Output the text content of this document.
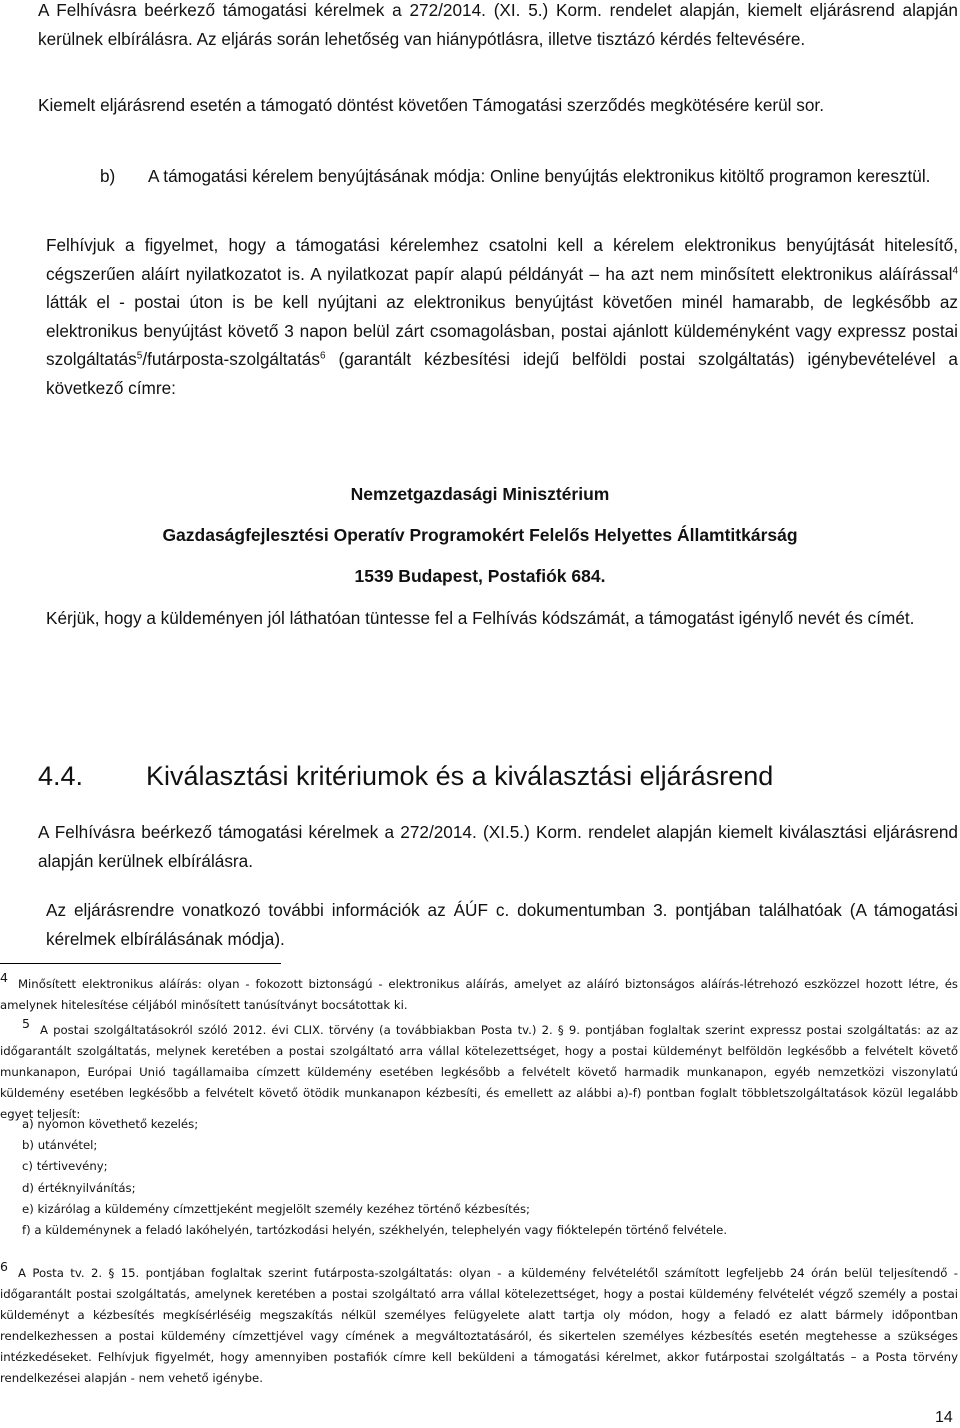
A Felhívásra beérkező támogatási kérelmek a 272/2014. (XI. 5.) Korm. rendelet alapján, kiemelt eljárásrend alapján kerülnek elbírálásra. Az eljárás során lehetőség van hiánypótlásra, illetve tisztázó kérdés feltevésére.

Kiemelt eljárásrend esetén a támogató döntést követően Támogatási szerződés megkötésére kerül sor.

b) A támogatási kérelem benyújtásának módja: Online benyújtás elektronikus kitöltő programon keresztül.

Felhívjuk a figyelmet, hogy a támogatási kérelemhez csatolni kell a kérelem elektronikus benyújtását hitelesítő, cégszerűen aláírt nyilatkozatot is. A nyilatkozat papír alapú példányát – ha azt nem minősített elektronikus aláírással$^4$ látták el - postai úton is be kell nyújtani az elektronikus benyújtást követően minél hamarabb, de legkésőbb az elektronikus benyújtást követő 3 napon belül zárt csomagolásban, postai ajánlott küldeményként vagy expressz postai szolgáltatás$^5$/futárposta-szolgáltatás$^6$ (garantált kézbesítési idejű belföldi postai szolgáltatás) igénybevételével a következő címre:

Nemzetgazdasági Minisztérium
Gazdaságfejlesztési Operatív Programokért Felelős Helyettes Államtitkárság
1539 Budapest, Postafiók 684.

Kérjük, hogy a küldeményen jól láthatóan tüntesse fel a Felhívás kódszámát, a támogatást igénylő nevét és címét.

4.4. Kiválasztási kritériumok és a kiválasztási eljárásrend

A Felhívásra beérkező támogatási kérelmek a 272/2014. (XI.5.) Korm. rendelet alapján kiemelt kiválasztási eljárásrend alapján kerülnek elbírálásra.

Az eljárásrendre vonatkozó további információk az ÁÚF c. dokumentumban 3. pontjában találhatóak (A támogatási kérelmek elbírálásának módja).

4 Minősített elektronikus aláírás: olyan - fokozott biztonságú - elektronikus aláírás, amelyet az aláíró biztonságos aláírás-létrehozó eszközzel hozott létre, és amelynek hitelesítése céljából minősített tanúsítványt bocsátottak ki.
5 A postai szolgáltatásokról szóló 2012. évi CLIX. törvény (a továbbiakban Posta tv.) 2. § 9. pontjában foglaltak szerint expressz postai szolgáltatás: az az időgarantált szolgáltatás, melynek keretében a postai szolgáltató arra vállal kötelezettséget, hogy a postai küldeményt belföldön legkésőbb a felvételt követő munkanapon, Európai Unió tagállamaiba címzett küldemény esetében legkésőbb a felvételt követő harmadik munkanapon, egyéb nemzetközi viszonylatú küldemény esetében legkésőbb a felvételt követő ötödik munkanapon kézbesíti, és emellett az alábbi a)-f) pontban foglalt többletszolgáltatások közül legalább egyet teljesít:
a) nyomon követhető kezelés;
b) utánvétel;
c) tértivevény;
d) értéknyilvánítás;
e) kizárólag a küldemény címzettjeként megjelölt személy kezéhez történő kézbesítés;
f) a küldeménynek a feladó lakóhelyén, tartózkodási helyén, székhelyén, telephelyén vagy fióktelepén történő felvétele.
6 A Posta tv. 2. § 15. pontjában foglaltak szerint futárposta-szolgáltatás: olyan - a küldemény felvételétől számított legfeljebb 24 órán belül teljesítendő - időgarantált postai szolgáltatás, amelynek keretében a postai szolgáltató arra vállal kötelezettséget, hogy a postai küldemény felvételét végző személy a postai küldeményt a kézbesítés megkísérléséig megszakítás nélkül személyes felügyelete alatt tartja oly módon, hogy a feladó ez alatt bármely időpontban rendelkezhessen a postai küldemény címzettjével vagy címének a megváltoztatásáról, és sikertelen személyes kézbesítés esetén megtehesse a szükséges intézkedéseket. Felhívjuk figyelmét, hogy amennyiben postafiók címre kell beküldeni a támogatási kérelmet, akkor futárpostai szolgáltatás – a Posta törvény rendelkezései alapján - nem vehető igénybe.
14
